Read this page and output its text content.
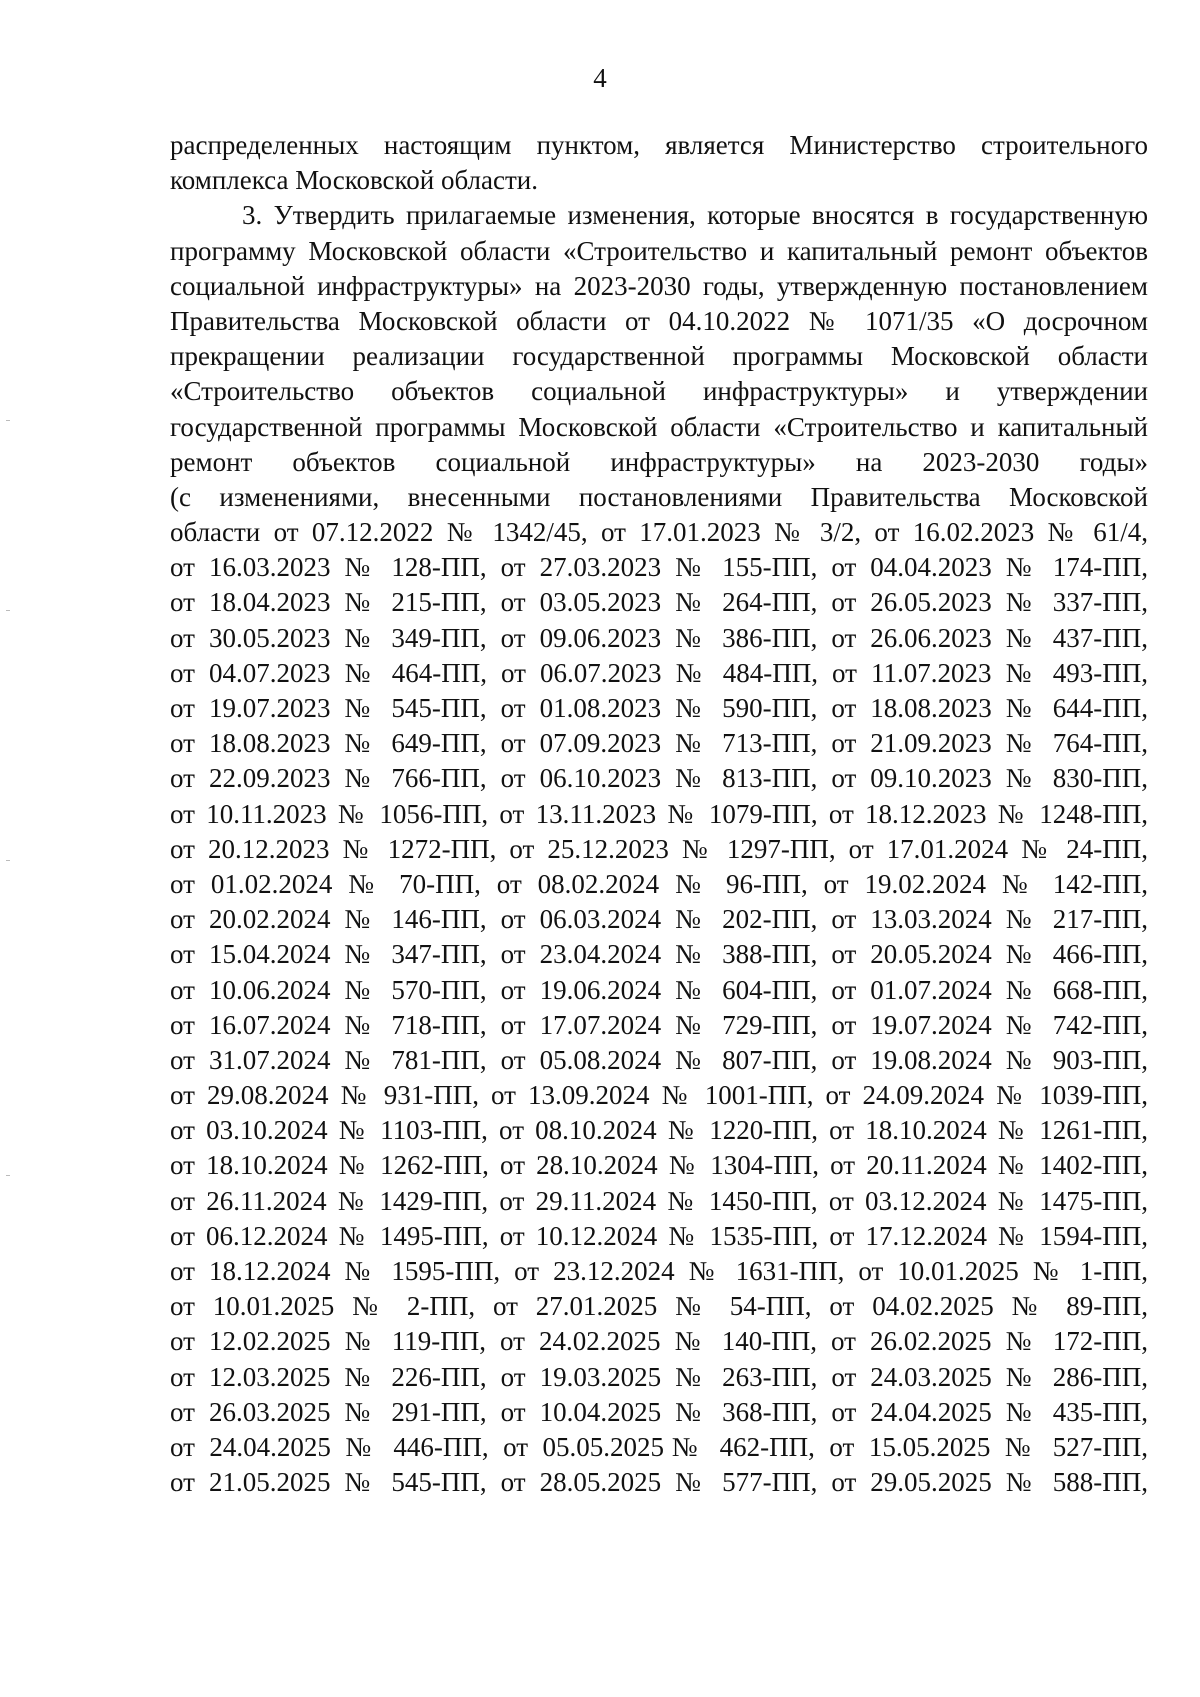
4
распределенных настоящим пунктом, является Министерство строительного
комплекса Московской области.
3. Утвердить прилагаемые изменения, которые вносятся в государственную
программу Московской области «Строительство и капитальный ремонт объектов
социальной инфраструктуры» на 2023-2030 годы, утвержденную постановлением
Правительства Московской области от 04.10.2022 № 1071/35 «О досрочном
прекращении реализации государственной программы Московской области
«Строительство объектов социальной инфраструктуры» и утверждении
государственной программы Московской области «Строительство и капитальный
ремонт объектов социальной инфраструктуры» на 2023-2030 годы»
(с изменениями, внесенными постановлениями Правительства Московской
области от 07.12.2022 № 1342/45, от 17.01.2023 № 3/2, от 16.02.2023 № 61/4,
от 16.03.2023 № 128-ПП, от 27.03.2023 № 155-ПП, от 04.04.2023 № 174-ПП,
от 18.04.2023 № 215-ПП, от 03.05.2023 № 264-ПП, от 26.05.2023 № 337-ПП,
от 30.05.2023 № 349-ПП, от 09.06.2023 № 386-ПП, от 26.06.2023 № 437-ПП,
от 04.07.2023 № 464-ПП, от 06.07.2023 № 484-ПП, от 11.07.2023 № 493-ПП,
от 19.07.2023 № 545-ПП, от 01.08.2023 № 590-ПП, от 18.08.2023 № 644-ПП,
от 18.08.2023 № 649-ПП, от 07.09.2023 № 713-ПП, от 21.09.2023 № 764-ПП,
от 22.09.2023 № 766-ПП, от 06.10.2023 № 813-ПП, от 09.10.2023 № 830-ПП,
от 10.11.2023 № 1056-ПП, от 13.11.2023 № 1079-ПП, от 18.12.2023 № 1248-ПП,
от 20.12.2023 № 1272-ПП, от 25.12.2023 № 1297-ПП, от 17.01.2024 № 24-ПП,
от 01.02.2024 № 70-ПП, от 08.02.2024 № 96-ПП, от 19.02.2024 № 142-ПП,
от 20.02.2024 № 146-ПП, от 06.03.2024 № 202-ПП, от 13.03.2024 № 217-ПП,
от 15.04.2024 № 347-ПП, от 23.04.2024 № 388-ПП, от 20.05.2024 № 466-ПП,
от 10.06.2024 № 570-ПП, от 19.06.2024 № 604-ПП, от 01.07.2024 № 668-ПП,
от 16.07.2024 № 718-ПП, от 17.07.2024 № 729-ПП, от 19.07.2024 № 742-ПП,
от 31.07.2024 № 781-ПП, от 05.08.2024 № 807-ПП, от 19.08.2024 № 903-ПП,
от 29.08.2024 № 931-ПП, от 13.09.2024 № 1001-ПП, от 24.09.2024 № 1039-ПП,
от 03.10.2024 № 1103-ПП, от 08.10.2024 № 1220-ПП, от 18.10.2024 № 1261-ПП,
от 18.10.2024 № 1262-ПП, от 28.10.2024 № 1304-ПП, от 20.11.2024 № 1402-ПП,
от 26.11.2024 № 1429-ПП, от 29.11.2024 № 1450-ПП, от 03.12.2024 № 1475-ПП,
от 06.12.2024 № 1495-ПП, от 10.12.2024 № 1535-ПП, от 17.12.2024 № 1594-ПП,
от 18.12.2024 № 1595-ПП, от 23.12.2024 № 1631-ПП, от 10.01.2025 № 1-ПП,
от 10.01.2025 № 2-ПП, от 27.01.2025 № 54-ПП, от 04.02.2025 № 89-ПП,
от 12.02.2025 № 119-ПП, от 24.02.2025 № 140-ПП, от 26.02.2025 № 172-ПП,
от 12.03.2025 № 226-ПП, от 19.03.2025 № 263-ПП, от 24.03.2025 № 286-ПП,
от 26.03.2025 № 291-ПП, от 10.04.2025 № 368-ПП, от 24.04.2025 № 435-ПП,
от 24.04.2025 № 446-ПП, от 05.05.2025№ 462-ПП, от 15.05.2025 № 527-ПП,
от 21.05.2025 № 545-ПП, от 28.05.2025 № 577-ПП, от 29.05.2025 № 588-ПП,
